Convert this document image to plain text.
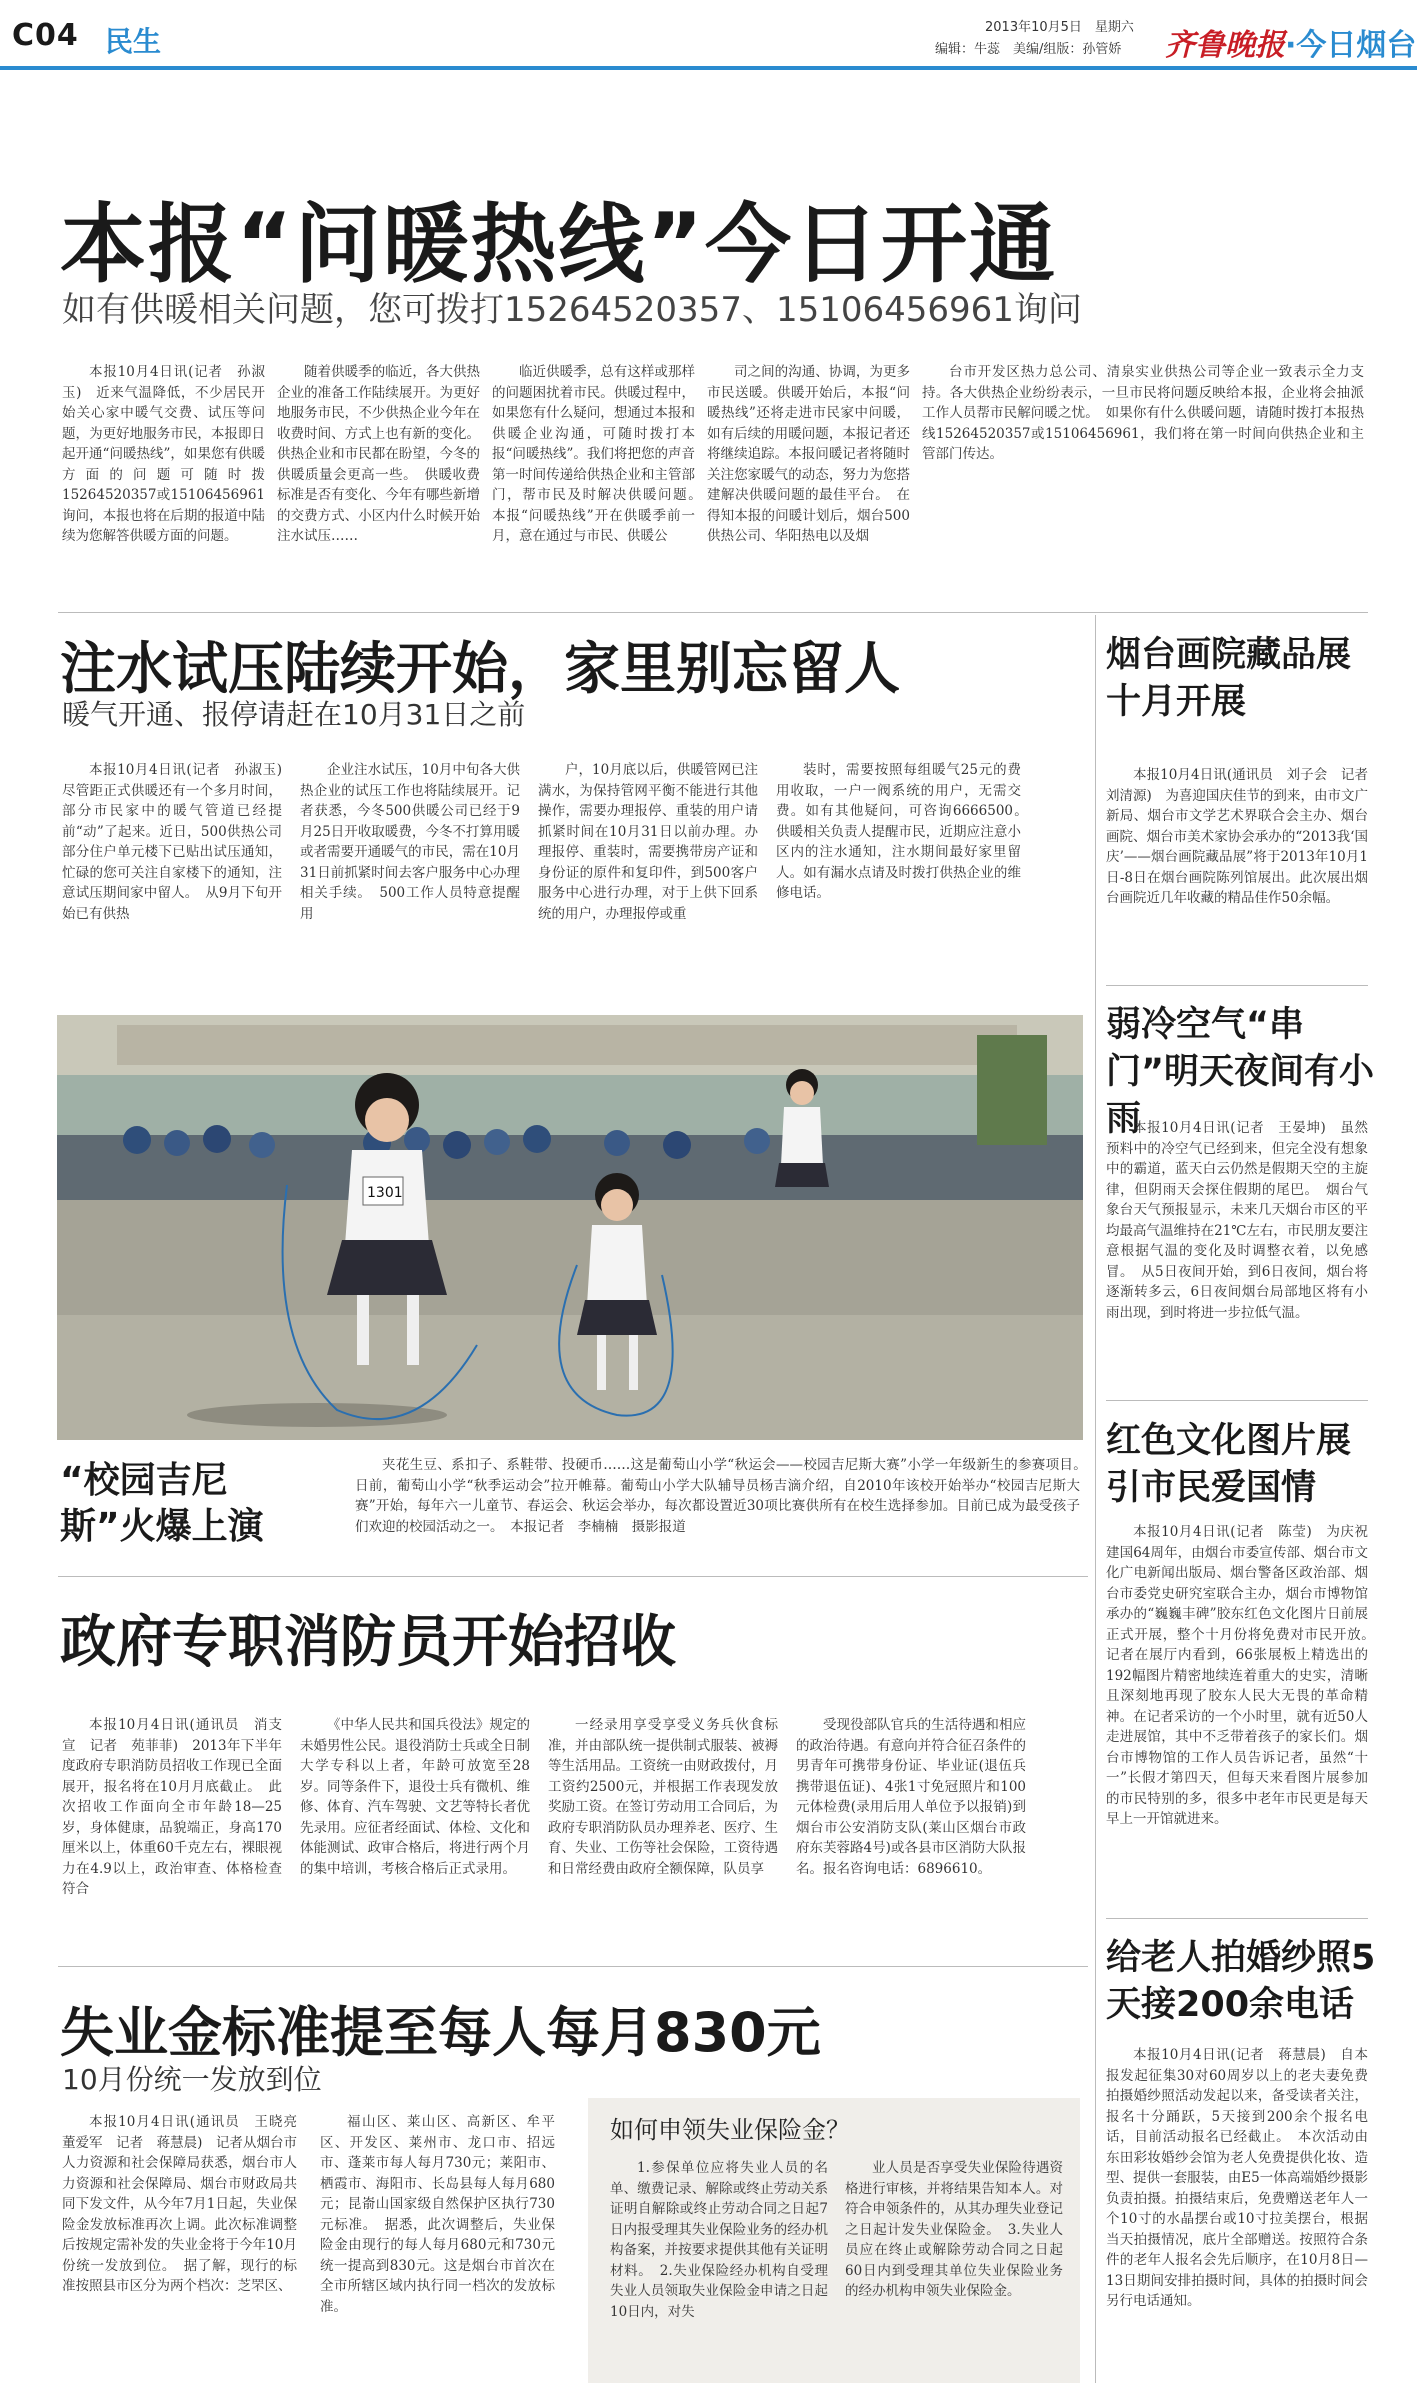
C04 民生	2013年10月5日　星期六
编辑：牛蕊　美编/组版：孙管娇 齐鲁晚报·今日烟台
本报“问暖热线”今日开通
如有供暖相关问题，您可拨打15264520357、15106456961询问
本报10月4日讯(记者　孙淑玉)　近来气温降低，不少居民开始关心家中暖气交费、试压等问题，为更好地服务市民，本报即日起开通“问暖热线”，如果您有供暖方面的问题可随时拨15264520357或15106456961询问，本报也将在后期的报道中陆续为您解答供暖方面的问题。
随着供暖季的临近，各大供热企业的准备工作陆续展开。为更好地服务市民，不少供热企业今年在收费时间、方式上也有新的变化。供热企业和市民都在盼望，今冬的供暖质量会更高一些。　供暖收费标准是否有变化、今年有哪些新增的交费方式、小区内什么时候开始注水试压……
临近供暖季，总有这样或那样的问题困扰着市民。供暖过程中，如果您有什么疑问，想通过本报和供暖企业沟通，可随时拨打本报“问暖热线”。我们将把您的声音第一时间传递给供热企业和主管部门，帮市民及时解决供暖问题。　本报“问暖热线”开在供暖季前一月，意在通过与市民、供暖公
司之间的沟通、协调，为更多市民送暖。供暖开始后，本报“问暖热线”还将走进市民家中问暖，如有后续的用暖问题，本报记者还将继续追踪。本报问暖记者将随时关注您家暖气的动态，努力为您搭建解决供暖问题的最佳平台。　在得知本报的问暖计划后，烟台500供热公司、华阳热电以及烟
台市开发区热力总公司、清泉实业供热公司等企业一致表示全力支持。各大供热企业纷纷表示，一旦市民将问题反映给本报，企业将会抽派工作人员帮市民解问暖之忧。　如果你有什么供暖问题，请随时拨打本报热线15264520357或15106456961，我们将在第一时间向供热企业和主管部门传达。
注水试压陆续开始，家里别忘留人
暖气开通、报停请赶在10月31日之前
本报10月4日讯(记者　孙淑玉)　尽管距正式供暖还有一个多月时间，部分市民家中的暖气管道已经提前“动”了起来。近日，500供热公司部分住户单元楼下已贴出试压通知，忙碌的您可关注自家楼下的通知，注意试压期间家中留人。　从9月下旬开始已有供热
企业注水试压，10月中旬各大供热企业的试压工作也将陆续展开。记者获悉，今冬500供暖公司已经于9月25日开收取暖费，今冬不打算用暖或者需要开通暖气的市民，需在10月31日前抓紧时间去客户服务中心办理相关手续。　500工作人员特意提醒用
户，10月底以后，供暖管网已注满水，为保持管网平衡不能进行其他操作，需要办理报停、重装的用户请抓紧时间在10月31日以前办理。办理报停、重装时，需要携带房产证和身份证的原件和复印件，到500客户服务中心进行办理，对于上供下回系统的用户，办理报停或重
装时，需要按照每组暖气25元的费用收取，一户一阀系统的用户，无需交费。如有其他疑问，可咨询6666500。　供暖相关负责人提醒市民，近期应注意小区内的注水通知，注水期间最好家里留人。如有漏水点请及时拨打供热企业的维修电话。
1301
“校园吉尼斯”火爆上演
夹花生豆、系扣子、系鞋带、投硬币……这是葡萄山小学“秋运会——校园吉尼斯大赛”小学一年级新生的参赛项目。　日前，葡萄山小学“秋季运动会”拉开帷幕。葡萄山小学大队辅导员杨吉滴介绍，自2010年该校开始举办“校园吉尼斯大赛”开始，每年六一儿童节、春运会、秋运会举办，每次都设置近30项比赛供所有在校生选择参加。目前已成为最受孩子们欢迎的校园活动之一。　本报记者　李楠楠　摄影报道
政府专职消防员开始招收
本报10月4日讯(通讯员　消支宣　记者　苑菲菲)　2013年下半年度政府专职消防员招收工作现已全面展开，报名将在10月月底截止。　此次招收工作面向全市年龄18—25岁，身体健康，品貌端正，身高170厘米以上，体重60千克左右，裸眼视力在4.9以上，政治审查、体格检查符合
《中华人民共和国兵役法》规定的未婚男性公民。退役消防士兵或全日制大学专科以上者，年龄可放宽至28岁。同等条件下，退役士兵有微机、维修、体育、汽车驾驶、文艺等特长者优先录用。应征者经面试、体检、文化和体能测试、政审合格后，将进行两个月的集中培训，考核合格后正式录用。
一经录用享受享受义务兵伙食标准，并由部队统一提供制式服装、被褥等生活用品。工资统一由财政拨付，月工资约2500元，并根据工作表现发放奖励工资。在签订劳动用工合同后，为政府专职消防队员办理养老、医疗、生育、失业、工伤等社会保险，工资待遇和日常经费由政府全额保障，队员享
受现役部队官兵的生活待遇和相应的政治待遇。有意向并符合征召条件的男青年可携带身份证、毕业证(退伍兵携带退伍证)、4张1寸免冠照片和100元体检费(录用后用人单位予以报销)到烟台市公安消防支队(莱山区烟台市政府东芙蓉路4号)或各县市区消防大队报名。报名咨询电话：6896610。
失业金标准提至每人每月830元
10月份统一发放到位
本报10月4日讯(通讯员　王晓亮　董爱军　记者　蒋慧晨)　记者从烟台市人力资源和社会保障局获悉，烟台市人力资源和社会保障局、烟台市财政局共同下发文件，从今年7月1日起，失业保险金发放标准再次上调。此次标准调整后按规定需补发的失业金将于今年10月份统一发放到位。　据了解，现行的标准按照县市区分为两个档次：芝罘区、
福山区、莱山区、高新区、牟平区、开发区、莱州市、龙口市、招远市、蓬莱市每人每月730元；莱阳市、栖霞市、海阳市、长岛县每人每月680元；昆嵛山国家级自然保护区执行730元标准。　据悉，此次调整后，失业保险金由现行的每人每月680元和730元统一提高到830元。这是烟台市首次在全市所辖区域内执行同一档次的发放标准。
如何申领失业保险金？
1.参保单位应将失业人员的名单、缴费记录、解除或终止劳动关系证明自解除或终止劳动合同之日起7日内报受理其失业保险业务的经办机构备案，并按要求提供其他有关证明材料。　2.失业保险经办机构自受理失业人员领取失业保险金申请之日起10日内，对失
业人员是否享受失业保险待遇资格进行审核，并将结果告知本人。对符合申领条件的，从其办理失业登记之日起计发失业保险金。　3.失业人员应在终止或解除劳动合同之日起60日内到受理其单位失业保险业务的经办机构申领失业保险金。
烟台画院藏品展十月开展
本报10月4日讯(通讯员　刘子会　记者　刘清源)　为喜迎国庆佳节的到来，由市文广新局、烟台市文学艺术界联合会主办、烟台画院、烟台市美术家协会承办的“2013我‘国庆’——烟台画院藏品展”将于2013年10月1日-8日在烟台画院陈列馆展出。此次展出烟台画院近几年收藏的精品佳作50余幅。
弱冷空气“串门”明天夜间有小雨
本报10月4日讯(记者　王晏坤)　虽然预料中的冷空气已经到来，但完全没有想象中的霸道，蓝天白云仍然是假期天空的主旋律，但阴雨天会探住假期的尾巴。　烟台气象台天气预报显示，未来几天烟台市区的平均最高气温维持在21℃左右，市民朋友要注意根据气温的变化及时调整衣着，以免感冒。　从5日夜间开始，到6日夜间，烟台将逐渐转多云，6日夜间烟台局部地区将有小雨出现，到时将进一步拉低气温。
红色文化图片展引市民爱国情
本报10月4日讯(记者　陈莹)　为庆祝建国64周年，由烟台市委宣传部、烟台市文化广电新闻出版局、烟台警备区政治部、烟台市委党史研究室联合主办，烟台市博物馆承办的“巍巍丰碑”胶东红色文化图片日前展正式开展，整个十月份将免费对市民开放。　记者在展厅内看到，66张展板上精选出的192幅图片精密地续连着重大的史实，清晰且深刻地再现了胶东人民大无畏的革命精神。在记者采访的一个小时里，就有近50人走进展馆，其中不乏带着孩子的家长们。烟台市博物馆的工作人员告诉记者，虽然“十一”长假才第四天，但每天来看图片展参加的市民特别的多，很多中老年市民更是每天早上一开馆就进来。
给老人拍婚纱照5天接200余电话
本报10月4日讯(记者　蒋慧晨)　自本报发起征集30对60周岁以上的老夫妻免费拍摄婚纱照活动发起以来，备受读者关注，报名十分踊跃，5天接到200余个报名电话，目前活动报名已经截止。　本次活动由东田彩妆婚纱会馆为老人免费提供化妆、造型、提供一套服装，由E5一体高端婚纱摄影负责拍摄。拍摄结束后，免费赠送老年人一个10寸的水晶摆台或10寸拉美摆台，根据当天拍摄情况，底片全部赠送。按照符合条件的老年人报名会先后顺序，在10月8日—13日期间安排拍摄时间，具体的拍摄时间会另行电话通知。
